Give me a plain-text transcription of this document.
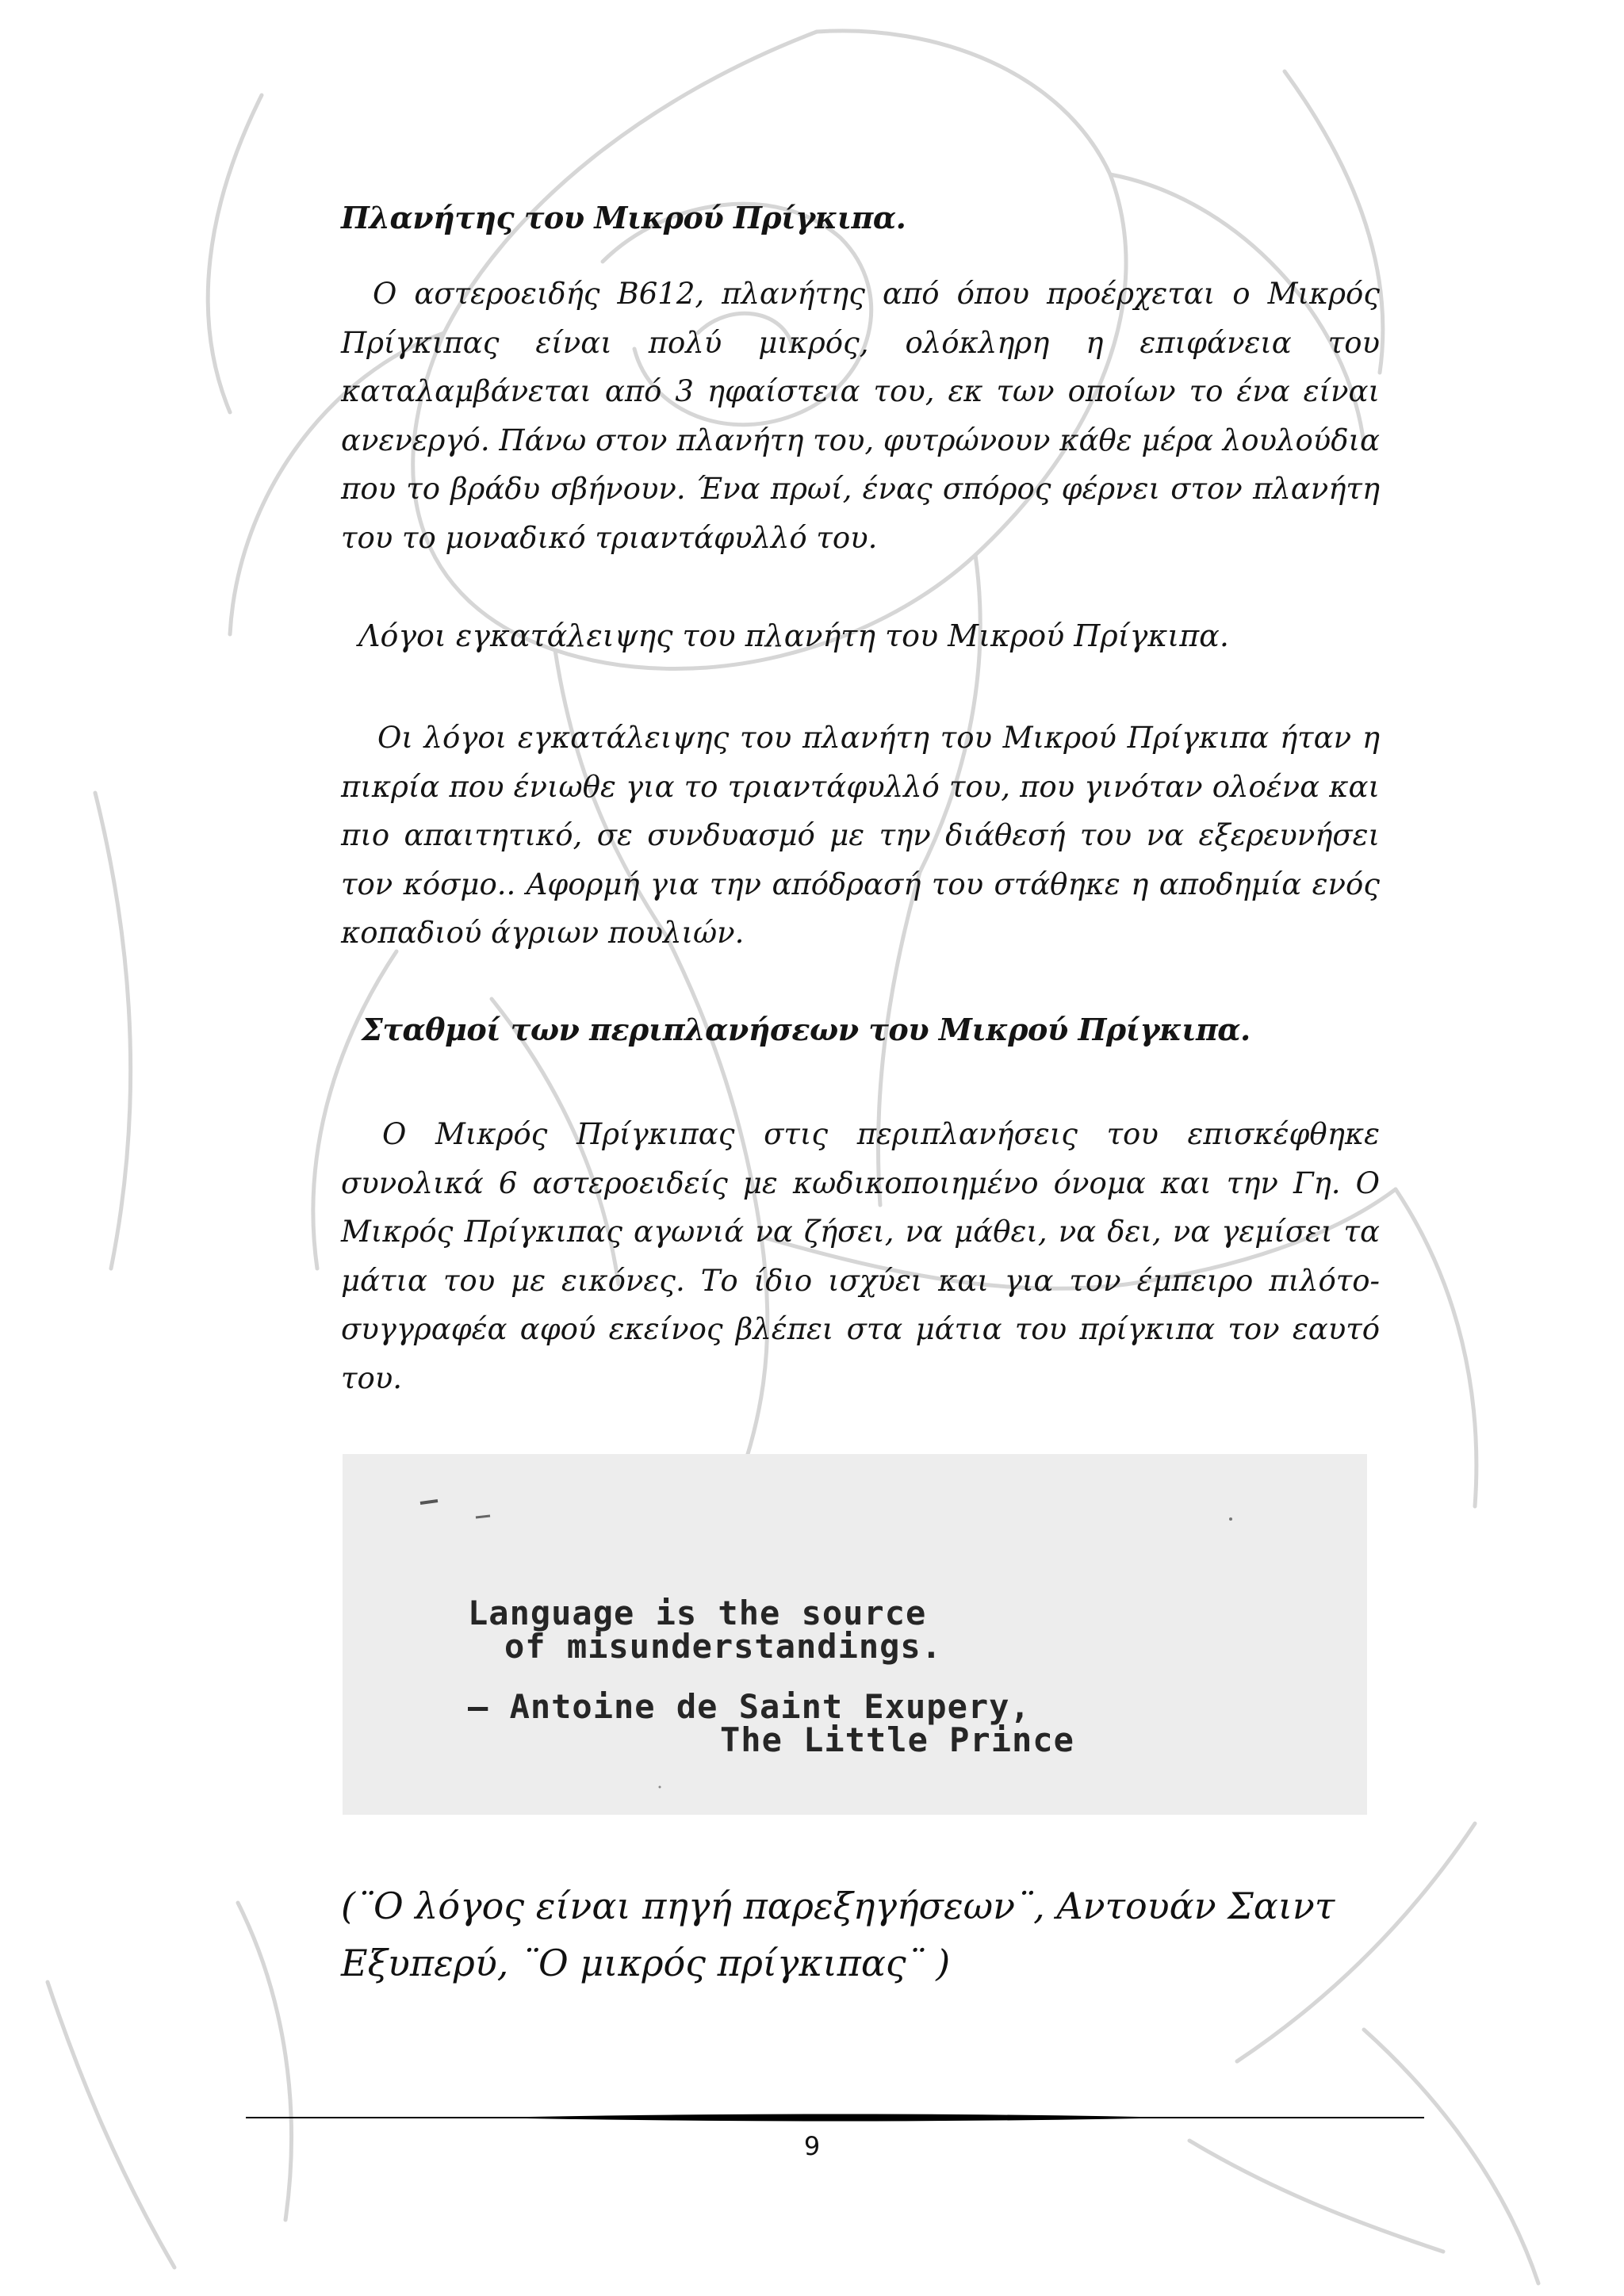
Πλανήτης του Μικρού Πρίγκιπα.
Ο αστεροειδής Β612, πλανήτης από όπου προέρχεται ο Μικρός Πρίγκιπας είναι πολύ μικρός, ολόκληρη η επιφάνεια του καταλαμβάνεται από 3 ηφαίστεια του, εκ των οποίων το ένα είναι ανενεργό. Πάνω στον πλανήτη του, φυτρώνουν κάθε μέρα λουλούδια που το βράδυ σβήνουν. Ένα πρωί, ένας σπόρος φέρνει στον πλανήτη του το μοναδικό τριαντάφυλλό του.
Λόγοι εγκατάλειψης του πλανήτη του Μικρού Πρίγκιπα.
Οι λόγοι εγκατάλειψης του πλανήτη του Μικρού Πρίγκιπα ήταν η πικρία που ένιωθε για το τριαντάφυλλό του, που γινόταν ολοένα και πιο απαιτητικό, σε συνδυασμό με την διάθεσή του να εξερευνήσει τον κόσμο.. Αφορμή για την απόδρασή του στάθηκε η αποδημία ενός κοπαδιού άγριων πουλιών.
Σταθμοί των περιπλανήσεων του Μικρού Πρίγκιπα.
Ο Μικρός Πρίγκιπας στις περιπλανήσεις του επισκέφθηκε συνολικά 6 αστεροειδείς με κωδικοποιημένο όνομα και την Γη. Ο Μικρός Πρίγκιπας αγωνιά να ζήσει, να μάθει, να δει, να γεμίσει τα μάτια του με εικόνες. Το ίδιο ισχύει και για τον έμπειρο πιλότο-συγγραφέα αφού εκείνος βλέπει στα μάτια του πρίγκιπα τον εαυτό του.
Language is the source
of misunderstandings.
— Antoine de Saint Exupery,
The Little Prince
(¨Ο λόγος είναι πηγή παρεξηγήσεων¨, Αντουάν Σαιντ Εξυπερύ, ¨Ο μικρός πρίγκιπας¨ )
9
